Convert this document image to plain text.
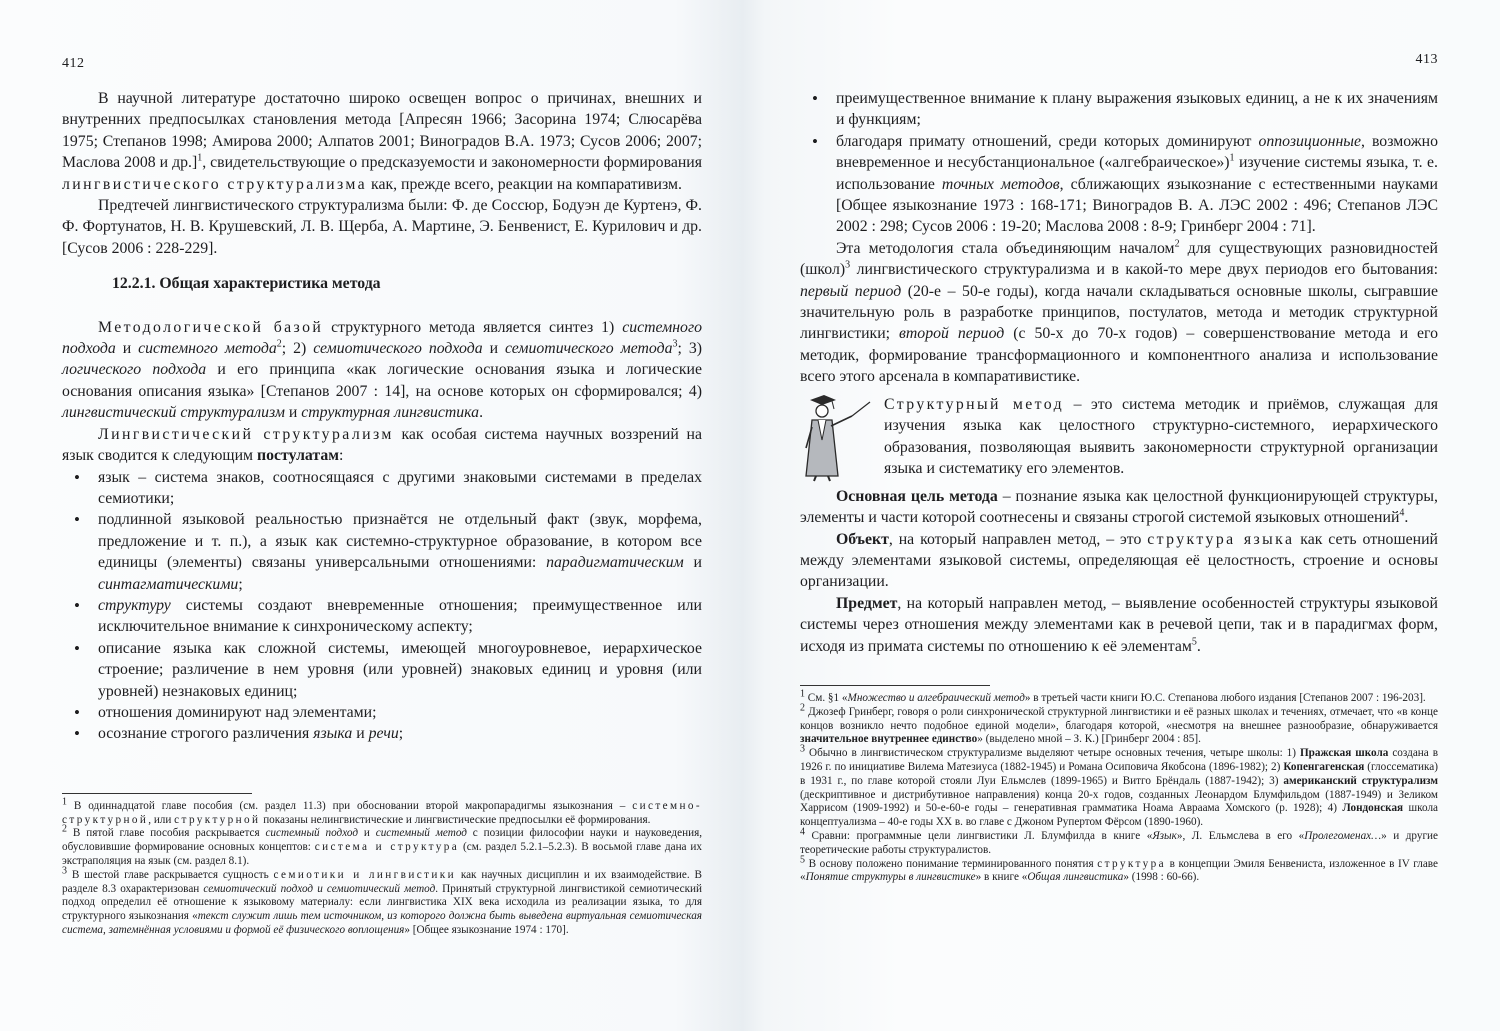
412

В научной литературе достаточно широко освещен вопрос о причинах, внешних и внутренних предпосылках становления метода [Апресян 1966; Засорина 1974; Слюсарёва 1975; Степанов 1998; Амирова 2000; Алпатов 2001; Виноградов В.А. 1973; Сусов 2006; 2007; Маслова 2008 и др.]$^1$, свидетельствующие о предсказуемости и закономерности формирования лингвистического структурализма как, прежде всего, реакции на компаративизм.

Предтечей лингвистического структурализма были: Ф. де Соссюр, Бодуэн де Куртенэ, Ф. Ф. Фортунатов, Н. В. Крушевский, Л. В. Щерба, А. Мартине, Э. Бенвенист, Е. Курилович и др. [Сусов 2006 : 228-229].

12.2.1. Общая характеристика метода

Методологической базой структурного метода является синтез 1) системного подхода и системного метода$^2$; 2) семиотического подхода и семиотического метода$^3$; 3) логического подхода и его принципа «как логические основания языка и логические основания описания языка» [Степанов 2007 : 14], на основе которых он сформировался; 4) лингвистический структурализм и структурная лингвистика.

Лингвистический структурализм как особая система научных воззрений на язык сводится к следующим постулатам:

• язык – система знаков, соотносящаяся с другими знаковыми системами в пределах семиотики;
• подлинной языковой реальностью признаётся не отдельный факт (звук, морфема, предложение и т. п.), а язык как системно-структурное образование, в котором все единицы (элементы) связаны универсальными отношениями: парадигматическим и синтагматическими;
• структуру системы создают вневременные отношения; преимущественное или исключительное внимание к синхроническому аспекту;
• описание языка как сложной системы, имеющей многоуровневое, иерархическое строение; различение в нем уровня (или уровней) знаковых единиц и уровня (или уровней) незнаковых единиц;
• отношения доминируют над элементами;
• осознание строгого различения языка и речи;

$^1$ В одиннадцатой главе пособия (см. раздел 11.3) при обосновании второй макропарадигмы языкознания – системно-структурной, или структурной показаны нелингвистические и лингвистические предпосылки её формирования.

$^2$ В пятой главе пособия раскрывается системный подход и системный метод с позиции философии науки и науковедения, обусловившие формирование основных концептов: система и структура (см. раздел 5.2.1–5.2.3). В восьмой главе дана их экстраполяция на язык (см. раздел 8.1).

$^3$ В шестой главе раскрывается сущность семиотики и лингвистики как научных дисциплин и их взаимодействие. В разделе 8.3 охарактеризован семиотический подход и семиотический метод. Принятый структурной лингвистикой семиотический подход определил её отношение к языковому материалу: если лингвистика XIX века исходила из реализации языка, то для структурного языкознания «текст служит лишь тем источником, из которого должна быть выведена виртуальная семиотическая система, затемнённая условиями и формой её физического воплощения» [Общее языкознание 1974 : 170].

413
• преимущественное внимание к плану выражения языковых единиц, а не к их значениям и функциям;
• благодаря примату отношений, среди которых доминируют оппозиционные, возможно вневременное и несубстанциональное («алгебраическое»)$^1$ изучение системы языка, т. е. использование точных методов, сближающих языкознание с естественными науками [Общее языкознание 1973 : 168-171; Виноградов В. А. ЛЭС 2002 : 496; Степанов ЛЭС 2002 : 298; Сусов 2006 : 19-20; Маслова 2008 : 8-9; Гринберг 2004 : 71].

Эта методология стала объединяющим началом$^2$ для существующих разновидностей (школ)$^3$ лингвистического структурализма и в какой-то мере двух периодов его бытования: первый период (20-е – 50-е годы), когда начали складываться основные школы, сыгравшие значительную роль в разработке принципов, постулатов, метода и методик структурной лингвистики; второй период (с 50-х до 70-х годов) – совершенствование метода и его методик, формирование трансформационного и компонентного анализа и использование всего этого арсенала в компаративистике.

Структурный метод – это система методик и приёмов, служащая для изучения языка как целостного структурно-системного, иерархического образования, позволяющая выявить закономерности структурной организации языка и систематику его элементов.

Основная цель метода – познание языка как целостной функционирующей структуры, элементы и части которой соотнесены и связаны строгой системой языковых отношений$^4$.

Объект, на который направлен метод, – это структура языка как сеть отношений между элементами языковой системы, определяющая её целостность, строение и основы организации.

Предмет, на который направлен метод, – выявление особенностей структуры языковой системы через отношения между элементами как в речевой цепи, так и в парадигмах форм, исходя из примата системы по отношению к её элементам$^5$.

$^1$ См. §1 «Множество и алгебраический метод» в третьей части книги Ю.С. Степанова любого издания [Степанов 2007 : 196-203].

$^2$ Джозеф Гринберг, говоря о роли синхронической структурной лингвистики и её разных школах и течениях, отмечает, что «в конце концов возникло нечто подобное единой модели», благодаря которой, «несмотря на внешнее разнообразие, обнаруживается значительное внутреннее единство» (выделено мной – З. К.) [Гринберг 2004 : 85].

$^3$ Обычно в лингвистическом структурализме выделяют четыре основных течения, четыре школы: 1) Пражская школа создана в 1926 г. по инициативе Вилема Матезиуса (1882-1945) и Романа Осиповича Якобсона (1896-1982); 2) Копенгагенская (глоссематика) в 1931 г., по главе которой стояли Луи Ельмслев (1899-1965) и Витго Брёндаль (1887-1942); 3) американский структурализм (дескриптивное и дистрибутивное направления) конца 20-х годов, созданных Леонардом Блумфильдом (1887-1949) и Зеликом Харрисом (1909-1992) и 50-е-60-е годы – генеративная грамматика Ноама Авраама Хомского (р. 1928); 4) Лондонская школа концептуализма – 40-е годы XX в. во главе с Джоном Рупертом Фёрсом (1890-1960).

$^4$ Сравни: программные цели лингвистики Л. Блумфилда в книге «Язык», Л. Ельмслева в его «Пролегоменах…» и другие теоретические работы структуралистов.

$^5$ В основу положено понимание терминированного понятия структура в концепции Эмиля Бенвениста, изложенное в IV главе «Понятие структуры в лингвистике» в книге «Общая лингвистика» (1998 : 60-66).
